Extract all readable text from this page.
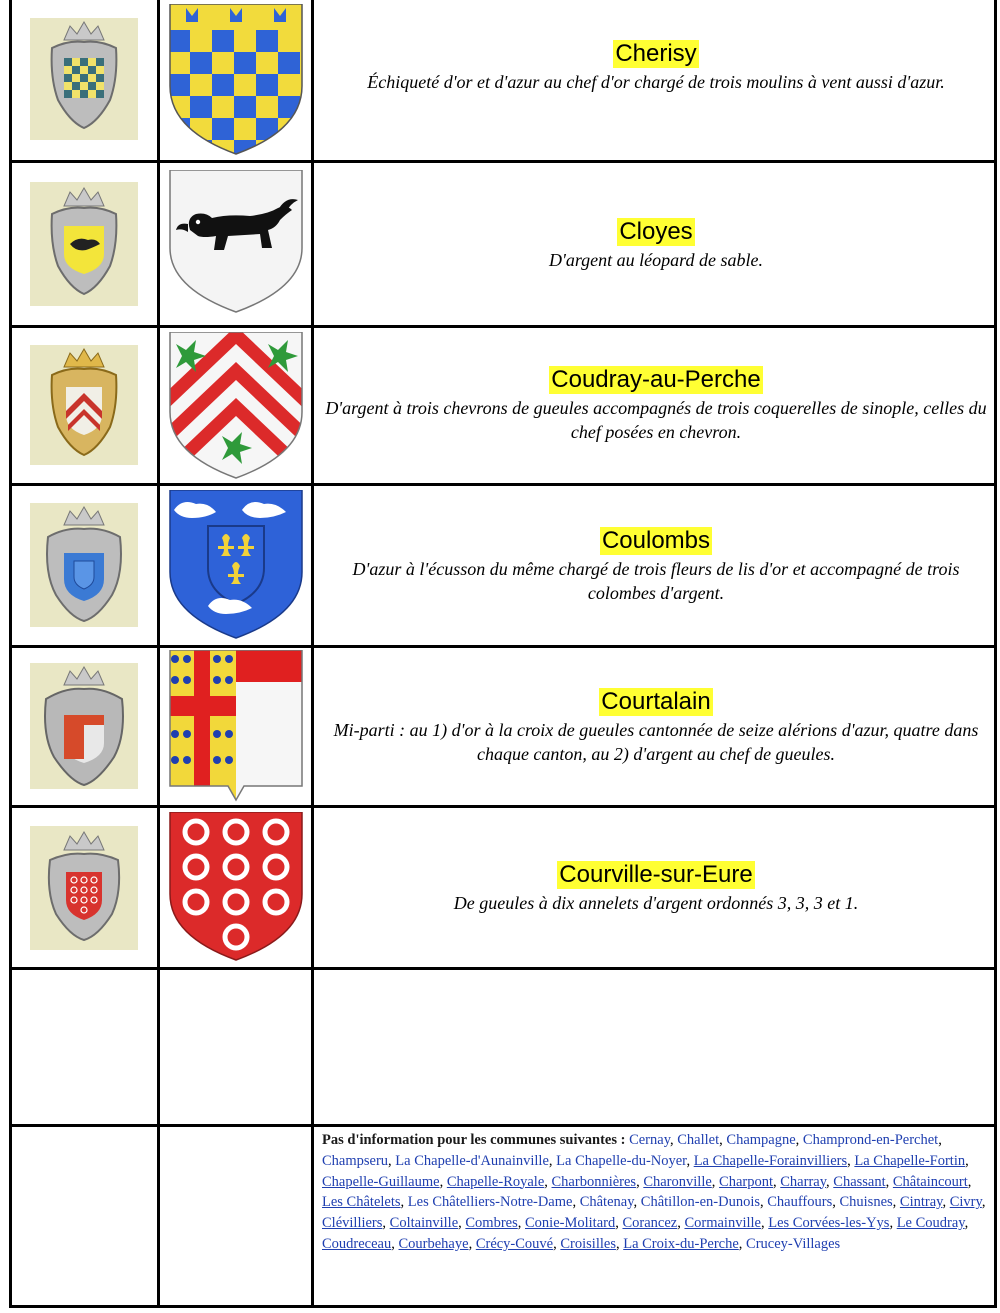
Cherisy
Échiqueté d'or et d'azur au chef d'or chargé de trois moulins à vent aussi d'azur.
Cloyes
D'argent au léopard de sable.
Coudray-au-Perche
D'argent à trois chevrons de gueules accompagnés de trois coquerelles de sinople, celles du chef posées en chevron.
Coulombs
D'azur à l'écusson du même chargé de trois fleurs de lis d'or et accompagné de trois colombes d'argent.
Courtalain
Mi-parti : au 1) d'or à la croix de gueules cantonnée de seize alérions d'azur, quatre dans chaque canton, au 2) d'argent au chef de gueules.
Courville-sur-Eure
De gueules à dix annelets d'argent ordonnés 3, 3, 3 et 1.
Pas d'information pour les communes suivantes : Cernay, Challet, Champagne, Champrond-en-Perchet, Champseru, La Chapelle-d'Aunainville, La Chapelle-du-Noyer, La Chapelle-Forainvilliers, La Chapelle-Fortin, Chapelle-Guillaume, Chapelle-Royale, Charbonnières, Charonville, Charpont, Charray, Chassant, Châtaincourt, Les Châtelets, Les Châtelliers-Notre-Dame, Châtenay, Châtillon-en-Dunois, Chauffours, Chuisnes, Cintray, Civry, Clévilliers, Coltainville, Combres, Conie-Molitard, Corancez, Cormainville, Les Corvées-les-Yys, Le Coudray, Coudreceau, Courbehaye, Crécy-Couvé, Croisilles, La Croix-du-Perche, Crucey-Villages
